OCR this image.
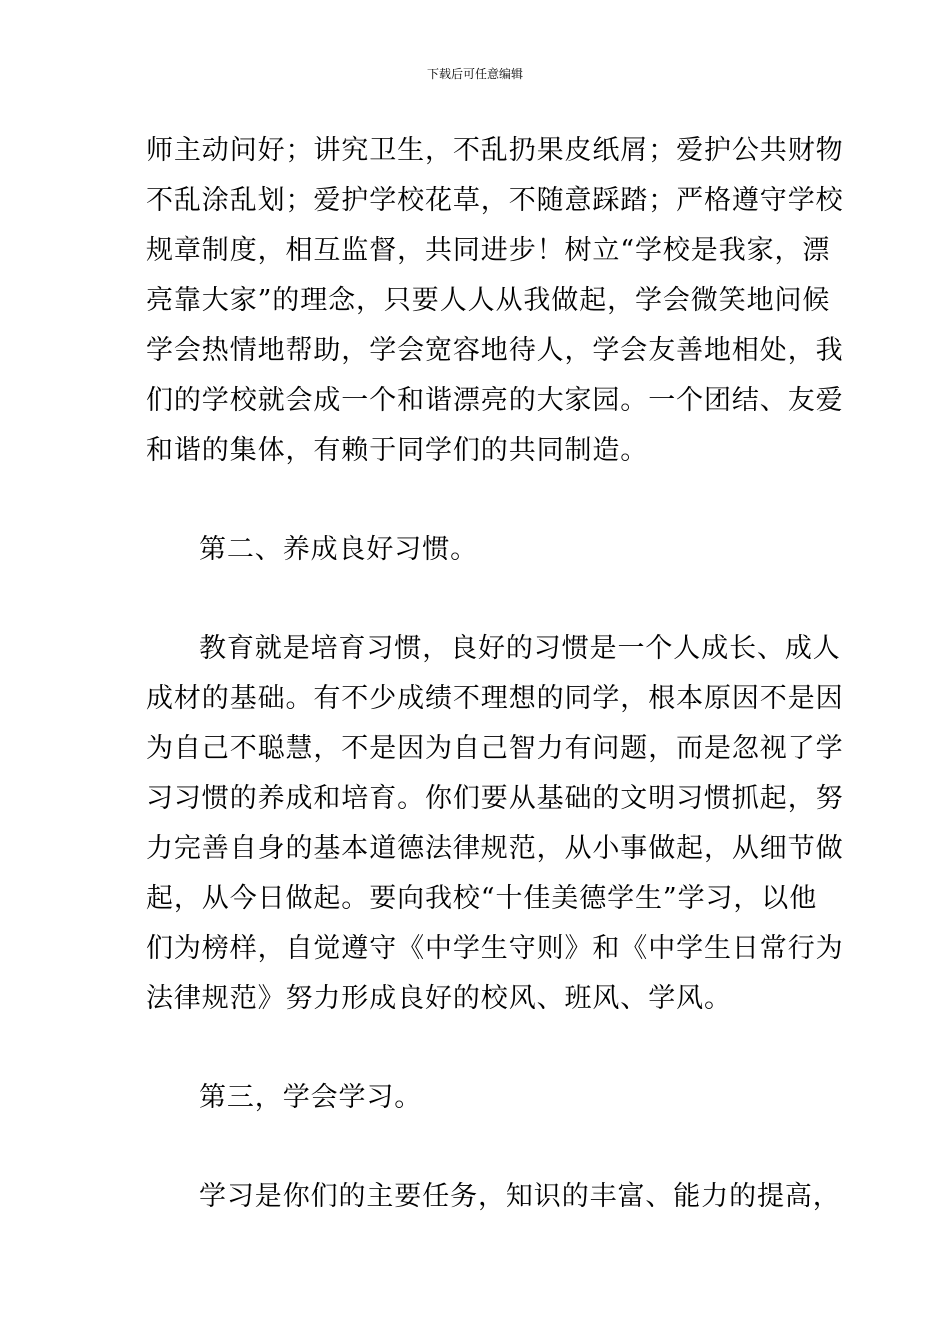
下载后可任意编辑
师主动问好；讲究卫生，不乱扔果皮纸屑；爱护公共财物
不乱涂乱划；爱护学校花草，不随意踩踏；严格遵守学校
规章制度，相互监督，共同进步！树立“学校是我家，漂
亮靠大家”的理念，只要人人从我做起，学会微笑地问候
学会热情地帮助，学会宽容地待人，学会友善地相处，我
们的学校就会成一个和谐漂亮的大家园。一个团结、友爱
和谐的集体，有赖于同学们的共同制造。
第二、养成良好习惯。
教育就是培育习惯，良好的习惯是一个人成长、成人
成材的基础。有不少成绩不理想的同学，根本原因不是因
为自己不聪慧，不是因为自己智力有问题，而是忽视了学
习习惯的养成和培育。你们要从基础的文明习惯抓起，努
力完善自身的基本道德法律规范，从小事做起，从细节做
起，从今日做起。要向我校“十佳美德学生”学习，以他
们为榜样，自觉遵守《中学生守则》和《中学生日常行为
法律规范》努力形成良好的校风、班风、学风。
第三，学会学习。
学习是你们的主要任务，知识的丰富、能力的提高，
